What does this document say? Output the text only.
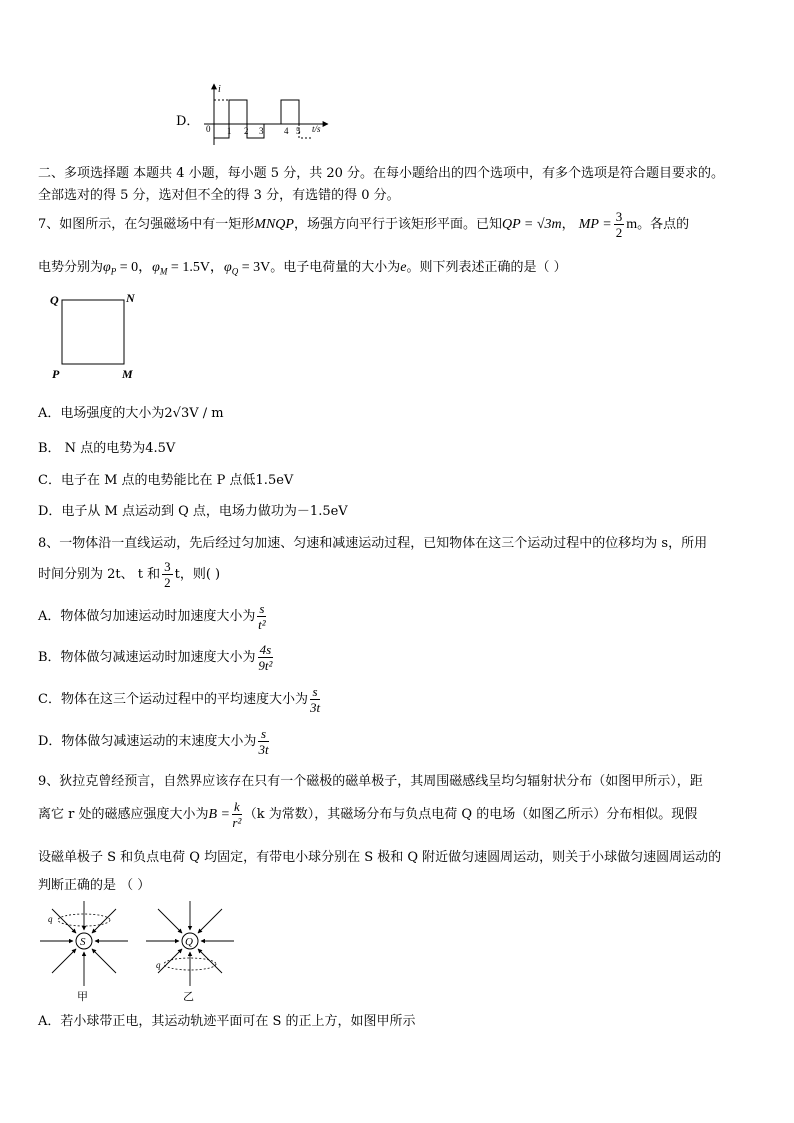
D．
i
t/s
0 1 2 3 4 5
二、多项选择题 本题共 4 小题，每小题 5 分，共 20 分。在每小题给出的四个选项中，有多个选项是符合题目要求的。
全部选对的得 5 分，选对但不全的得 3 分，有选错的得 0 分。
7、如图所示，在匀强磁场中有一矩形MNQP，场强方向平行于该矩形平面。已知QP = √3m， MP = $\frac{3}{2}$ m。各点的
电势分别为$\varphi_P = 0$，$\varphi_M = 1.5V$，$\varphi_Q = 3V$。电子电荷量的大小为e。则下列表述正确的是（ ）
Q	N
P	M
A．电场强度的大小为2√3V / m
B． N 点的电势为4.5V
C．电子在 M 点的电势能比在 P 点低1.5eV
D．电子从 M 点运动到 Q 点，电场力做功为－1.5eV
8、一物体沿一直线运动，先后经过匀加速、匀速和减速运动过程，已知物体在这三个运动过程中的位移均为 s，所用
时间分别为 2t、 t 和 $\frac{3}{2}$ t，则( )
A．物体做匀加速运动时加速度大小为 $\frac{s}{\text{t²}}$
B．物体做匀减速运动时加速度大小为 $\frac{4s}{\text{9t²}}$
C．物体在这三个运动过程中的平均速度大小为 $\frac{s}{3t}$
D．物体做匀减速运动的末速度大小为 $\frac{s}{3t}$
9、狄拉克曾经预言，自然界应该存在只有一个磁极的磁单极子，其周围磁感线呈均匀辐射状分布（如图甲所示），距
离它 r 处的磁感应强度大小为$B = \frac{k}{\text{r²}} (k$ 为常数），其磁场分布与负点电荷 Q 的电场（如图乙所示）分布相似。现假
设磁单极子 S 和负点电荷 Q 均固定，有带电小球分别在 S 极和 Q 附近做匀速圆周运动，则关于小球做匀速圆周运动的
判断正确的是 （ ）
S
q
甲
Q
q
乙
A．若小球带正电，其运动轨迹平面可在 S 的正上方，如图甲所示
